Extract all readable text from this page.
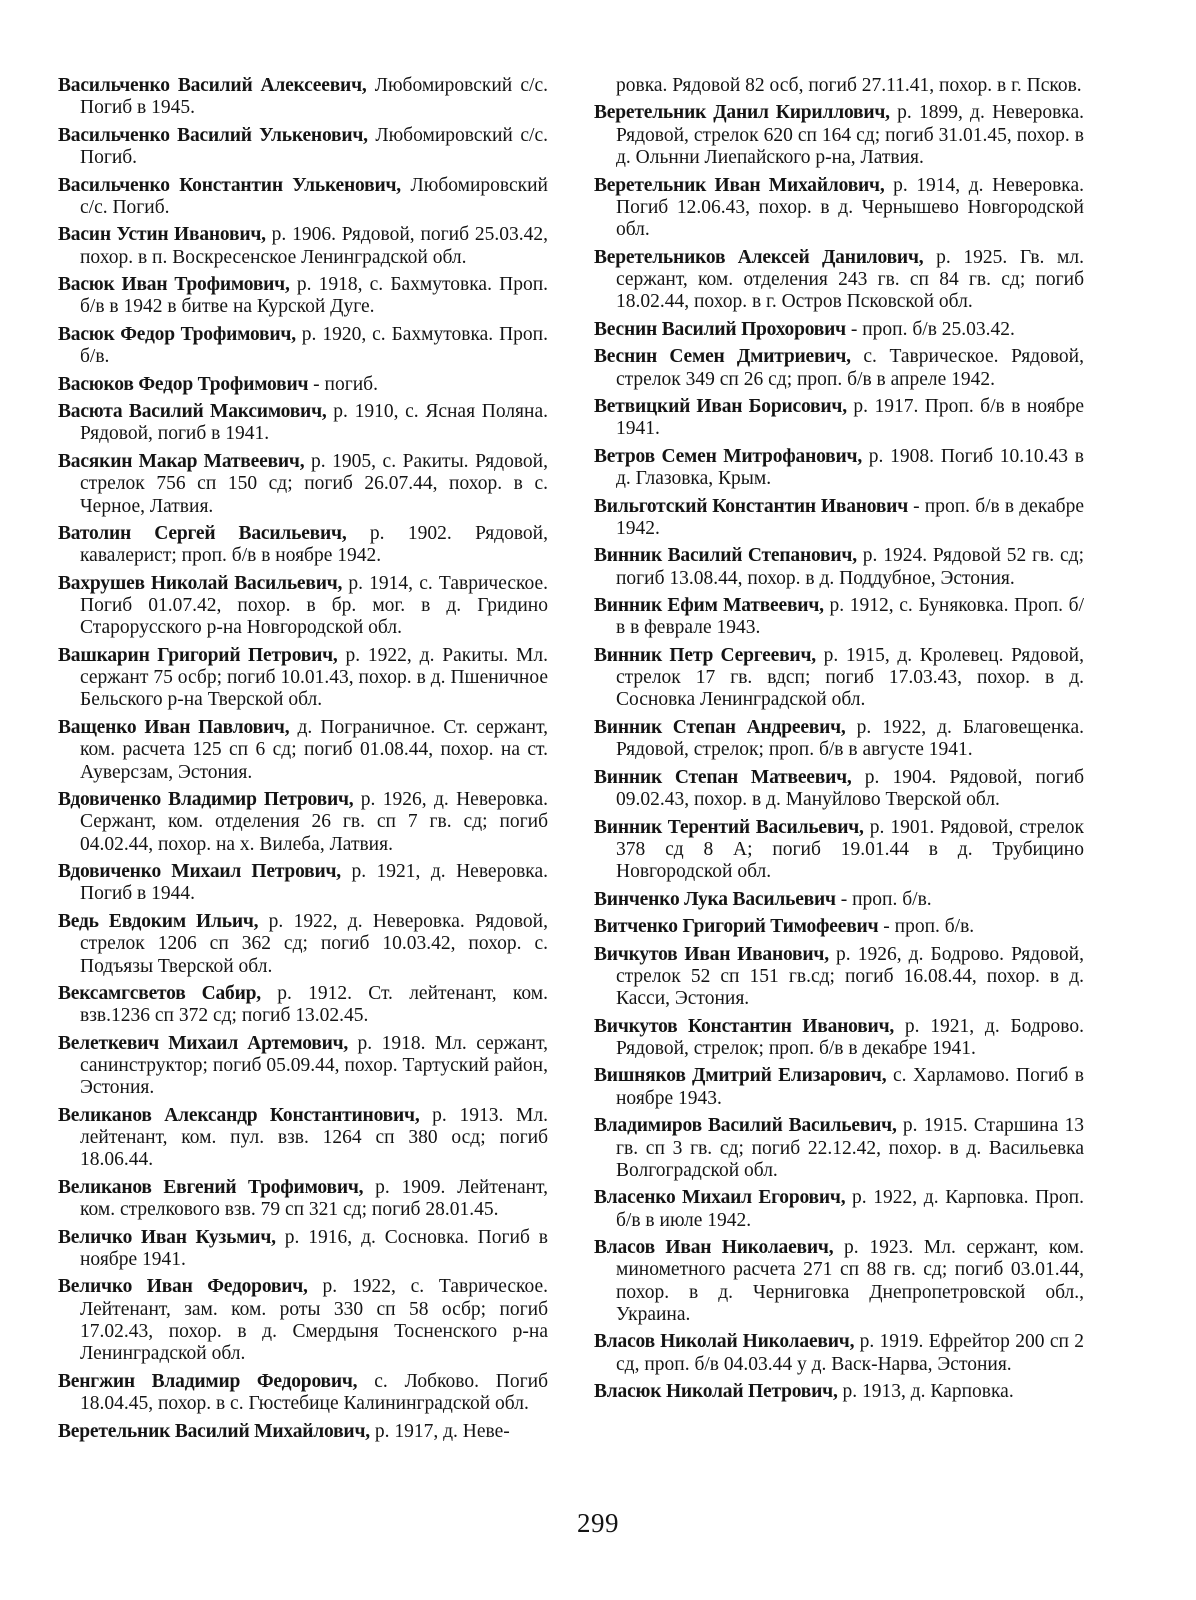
Васильченко Василий Алексеевич, Любомировский с/с. Погиб в 1945.

Васильченко Василий Улькенович, Любомировский с/с. Погиб.

Васильченко Константин Улькенович, Любомировский с/с. Погиб.

Васин Устин Иванович, р. 1906. Рядовой, погиб 25.03.42, похор. в п. Воскресенское Ленинградской обл.

Васюк Иван Трофимович, р. 1918, с. Бахмутовка. Проп. б/в в 1942 в битве на Курской Дуге.

Васюк Федор Трофимович, р. 1920, с. Бахмутовка. Проп. б/в.

Васюков Федор Трофимович - погиб.

Васюта Василий Максимович, р. 1910, с. Ясная Поляна. Рядовой, погиб в 1941.

Васякин Макар Матвеевич, р. 1905, с. Ракиты. Рядовой, стрелок 756 сп 150 сд; погиб 26.07.44, похор. в с. Черное, Латвия.

Ватолин Сергей Васильевич, р. 1902. Рядовой, кавалерист; проп. б/в в ноябре 1942.

Вахрушев Николай Васильевич, р. 1914, с. Таврическое. Погиб 01.07.42, похор. в бр. мог. в д. Гридино Старорусского р-на Новгородской обл.

Вашкарин Григорий Петрович, р. 1922, д. Ракиты. Мл. сержант 75 осбр; погиб 10.01.43, похор. в д. Пшеничное Бельского р-на Тверской обл.

Ващенко Иван Павлович, д. Пограничное. Ст. сержант, ком. расчета 125 сп 6 сд; погиб 01.08.44, похор. на ст. Ауверсзам, Эстония.

Вдовиченко Владимир Петрович, р. 1926, д. Неверовка. Сержант, ком. отделения 26 гв. сп 7 гв. сд; погиб 04.02.44, похор. на х. Вилеба, Латвия.

Вдовиченко Михаил Петрович, р. 1921, д. Неверовка. Погиб в 1944.

Ведь Евдоким Ильич, р. 1922, д. Неверовка. Рядовой, стрелок 1206 сп 362 сд; погиб 10.03.42, похор. с. Подъязы Тверской обл.

Вексамгсветов Сабир, р. 1912. Ст. лейтенант, ком. взв.1236 сп 372 сд; погиб 13.02.45.

Велеткевич Михаил Артемович, р. 1918. Мл. сержант, санинструктор; погиб 05.09.44, похор. Тартуский район, Эстония.

Великанов Александр Константинович, р. 1913. Мл. лейтенант, ком. пул. взв. 1264 сп 380 осд; погиб 18.06.44.

Великанов Евгений Трофимович, р. 1909. Лейтенант, ком. стрелкового взв. 79 сп 321 сд; погиб 28.01.45.

Величко Иван Кузьмич, р. 1916, д. Сосновка. Погиб в ноябре 1941.

Величко Иван Федорович, р. 1922, с. Таврическое. Лейтенант, зам. ком. роты 330 сп 58 осбр; погиб 17.02.43, похор. в д. Смердыня Тосненского р-на Ленинградской обл.

Венгжин Владимир Федорович, с. Лобково. Погиб 18.04.45, похор. в с. Гюстебице Калининградской обл.

Веретельник Василий Михайлович, р. 1917, д. Неве-

ровка. Рядовой 82 осб, погиб 27.11.41, похор. в г. Псков.

Веретельник Данил Кириллович, р. 1899, д. Неверовка. Рядовой, стрелок 620 сп 164 сд; погиб 31.01.45, похор. в д. Ольнни Лиепайского р-на, Латвия.

Веретельник Иван Михайлович, р. 1914, д. Неверовка. Погиб 12.06.43, похор. в д. Чернышево Новгородской обл.

Веретельников Алексей Данилович, р. 1925. Гв. мл. сержант, ком. отделения 243 гв. сп 84 гв. сд; погиб 18.02.44, похор. в г. Остров Псковской обл.

Веснин Василий Прохорович - проп. б/в 25.03.42.

Веснин Семен Дмитриевич, с. Таврическое. Рядовой, стрелок 349 сп 26 сд; проп. б/в в апреле 1942.

Ветвицкий Иван Борисович, р. 1917. Проп. б/в в ноябре 1941.

Ветров Семен Митрофанович, р. 1908. Погиб 10.10.43 в д. Глазовка, Крым.

Вильготский Константин Иванович - проп. б/в в декабре 1942.

Винник Василий Степанович, р. 1924. Рядовой 52 гв. сд; погиб 13.08.44, похор. в д. Поддубное, Эстония.

Винник Ефим Матвеевич, р. 1912, с. Буняковка. Проп. б/в в феврале 1943.

Винник Петр Сергеевич, р. 1915, д. Кролевец. Рядовой, стрелок 17 гв. вдсп; погиб 17.03.43, похор. в д. Сосновка Ленинградской обл.

Винник Степан Андреевич, р. 1922, д. Благовещенка. Рядовой, стрелок; проп. б/в в августе 1941.

Винник Степан Матвеевич, р. 1904. Рядовой, погиб 09.02.43, похор. в д. Мануйлово Тверской обл.

Винник Терентий Васильевич, р. 1901. Рядовой, стрелок 378 сд 8 А; погиб 19.01.44 в д. Трубицино Новгородской обл.

Винченко Лука Васильевич - проп. б/в.

Витченко Григорий Тимофеевич - проп. б/в.

Вичкутов Иван Иванович, р. 1926, д. Бодрово. Рядовой, стрелок 52 сп 151 гв.сд; погиб 16.08.44, похор. в д. Касси, Эстония.

Вичкутов Константин Иванович, р. 1921, д. Бодрово. Рядовой, стрелок; проп. б/в в декабре 1941.

Вишняков Дмитрий Елизарович, с. Харламово. Погиб в ноябре 1943.

Владимиров Василий Васильевич, р. 1915. Старшина 13 гв. сп 3 гв. сд; погиб 22.12.42, похор. в д. Васильевка Волгоградской обл.

Власенко Михаил Егорович, р. 1922, д. Карповка. Проп. б/в в июле 1942.

Власов Иван Николаевич, р. 1923. Мл. сержант, ком. минометного расчета 271 сп 88 гв. сд; погиб 03.01.44, похор. в д. Черниговка Днепропетровской обл., Украина.

Власов Николай Николаевич, р. 1919. Ефрейтор 200 сп 2 сд, проп. б/в 04.03.44 у д. Васк-Нарва, Эстония.

Власюк Николай Петрович, р. 1913, д. Карповка.

299
